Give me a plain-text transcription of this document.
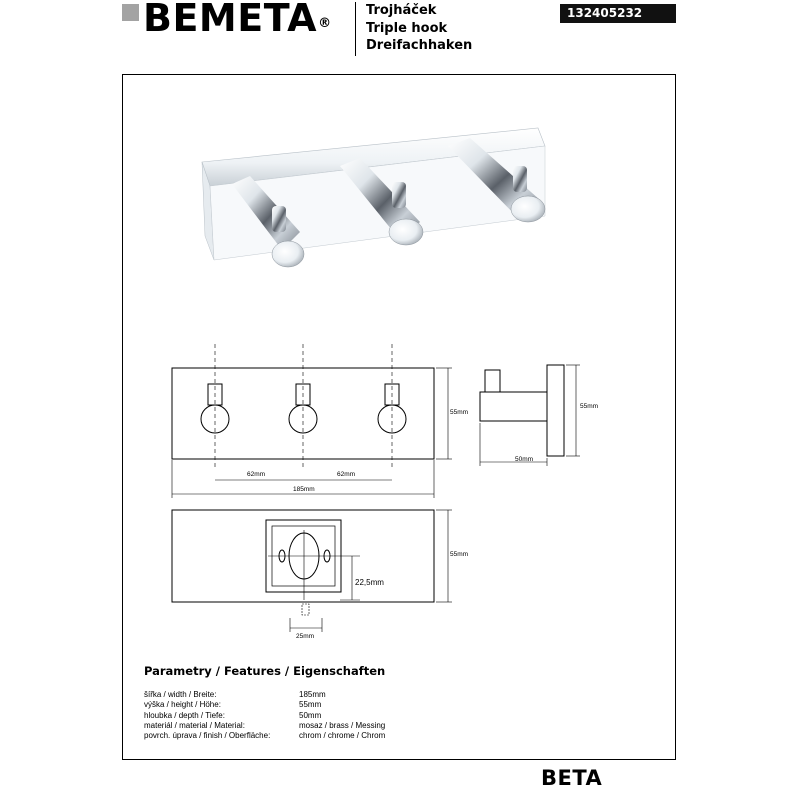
BEMETA®
Trojháček
Triple hook
Dreifachhaken
132405232
62mm	62mm
185mm
55mm
55mm
50mm
22,5mm
55mm
25mm
Parametry / Features / Eigenschaften
šířka / width / Breite:	185mm
výška / height / Höhe:	55mm
hloubka / depth / Tiefe:	50mm
materiál / material / Material:	mosaz / brass / Messing
povrch. úprava / finish / Oberfläche:	chrom / chrome / Chrom
BETA
